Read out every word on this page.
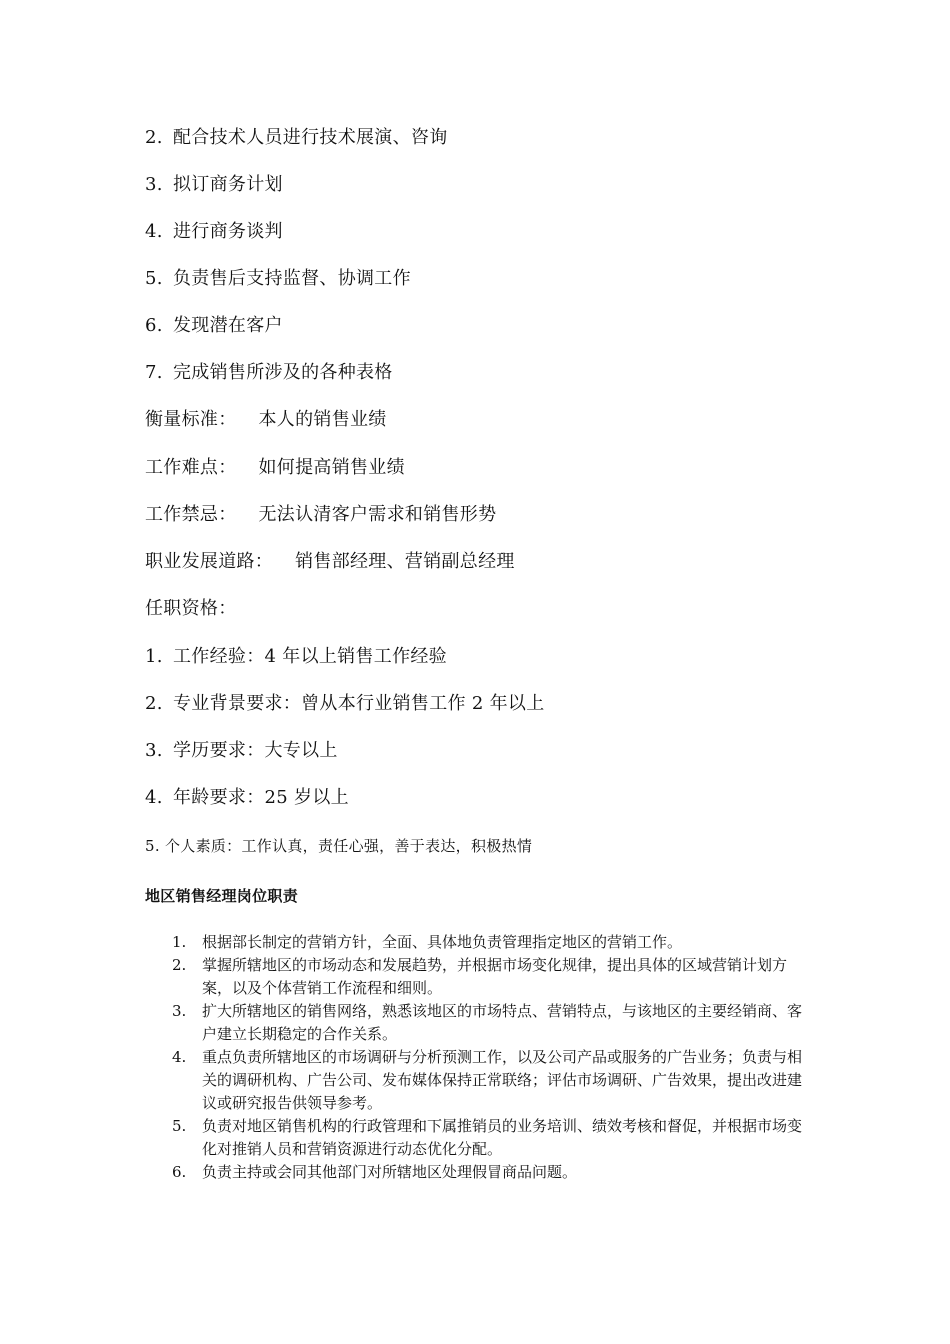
2. 配合技术人员进行技术展演、咨询
3. 拟订商务计划
4. 进行商务谈判
5. 负责售后支持监督、协调工作
6. 发现潜在客户
7. 完成销售所涉及的各种表格
衡量标准： 本人的销售业绩
工作难点： 如何提高销售业绩
工作禁忌： 无法认清客户需求和销售形势
职业发展道路： 销售部经理、营销副总经理
任职资格：
1. 工作经验：4 年以上销售工作经验
2. 专业背景要求：曾从本行业销售工作 2 年以上
3. 学历要求：大专以上
4. 年龄要求：25 岁以上
5. 个人素质：工作认真，责任心强，善于表达，积极热情
地区销售经理岗位职责
1. 根据部长制定的营销方针，全面、具体地负责管理指定地区的营销工作。
2. 掌握所辖地区的市场动态和发展趋势，并根据市场变化规律，提出具体的区域营销计划方案，以及个体营销工作流程和细则。
3. 扩大所辖地区的销售网络，熟悉该地区的市场特点、营销特点，与该地区的主要经销商、客户建立长期稳定的合作关系。
4. 重点负责所辖地区的市场调研与分析预测工作，以及公司产品或服务的广告业务；负责与相关的调研机构、广告公司、发布媒体保持正常联络；评估市场调研、广告效果，提出改进建议或研究报告供领导参考。
5. 负责对地区销售机构的行政管理和下属推销员的业务培训、绩效考核和督促，并根据市场变化对推销人员和营销资源进行动态优化分配。
6. 负责主持或会同其他部门对所辖地区处理假冒商品问题。
